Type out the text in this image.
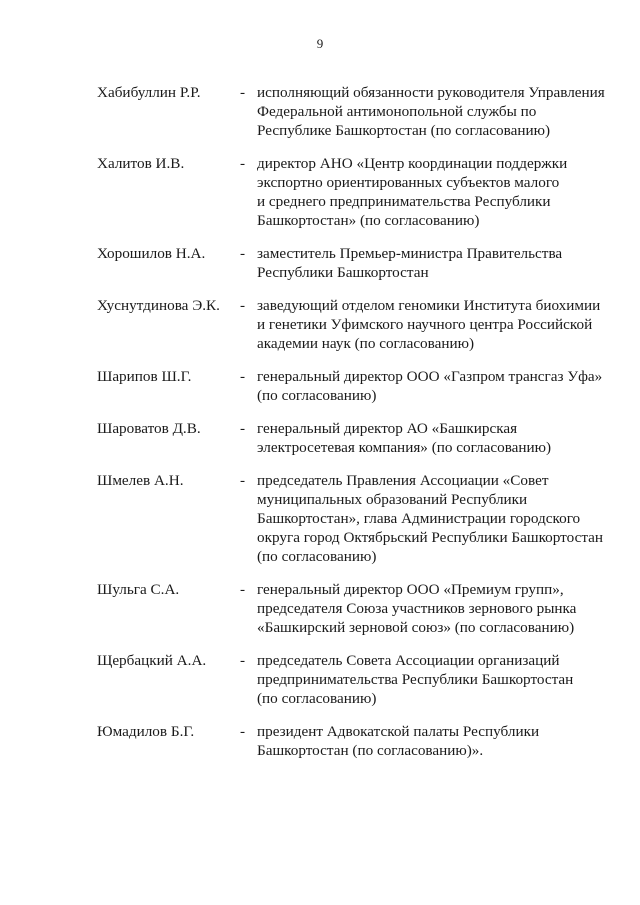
9
Хабибуллин Р.Р.	- исполняющий обязанности руководителя Управления
Федеральной антимонопольной службы по
Республике Башкортостан (по согласованию)
Халитов И.В.	- директор АНО «Центр координации поддержки
экспортно ориентированных субъектов малого
и среднего предпринимательства Республики
Башкортостан» (по согласованию)
Хорошилов Н.А.	- заместитель Премьер-министра Правительства
Республики Башкортостан
Хуснутдинова Э.К.	- заведующий отделом геномики Института биохимии
и генетики Уфимского научного центра Российской
академии наук (по согласованию)
Шарипов Ш.Г.	- генеральный директор ООО «Газпром трансгаз Уфа»
(по согласованию)
Шароватов Д.В.	- генеральный директор АО «Башкирская
электросетевая компания» (по согласованию)
Шмелев А.Н.	- председатель Правления Ассоциации «Совет
муниципальных образований Республики
Башкортостан», глава Администрации городского
округа город Октябрьский Республики Башкортостан
(по согласованию)
Шульга С.А.	- генеральный директор ООО «Премиум групп»,
председателя Союза участников зернового рынка
«Башкирский зерновой союз» (по согласованию)
Щербацкий А.А.	- председатель Совета Ассоциации организаций
предпринимательства Республики Башкортостан
(по согласованию)
Юмадилов Б.Г.	- президент Адвокатской палаты Республики
Башкортостан (по согласованию)».
